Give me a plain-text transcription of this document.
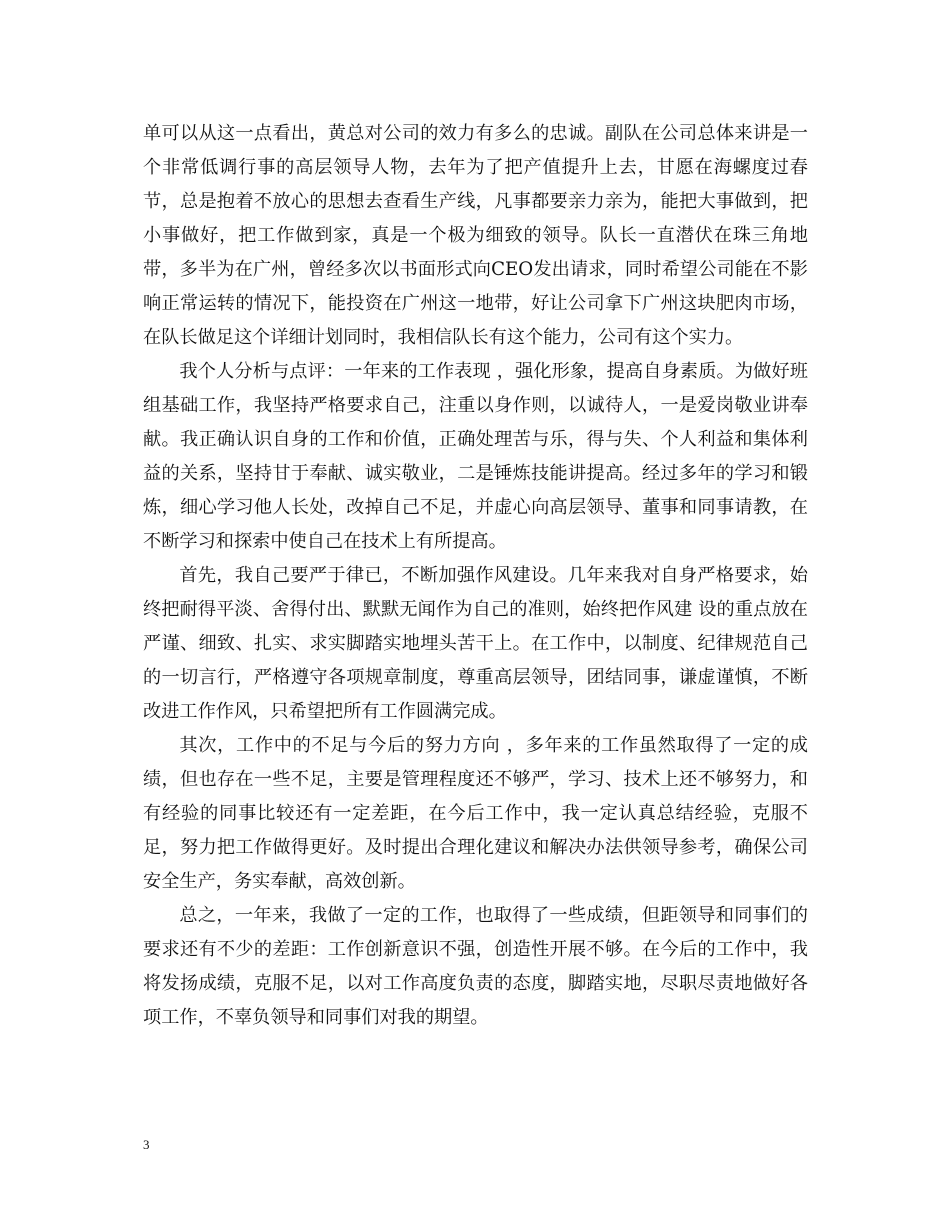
单可以从这一点看出，黄总对公司的效力有多么的忠诚。副队在公司总体来讲是一个非常低调行事的高层领导人物，去年为了把产值提升上去，甘愿在海螺度过春节，总是抱着不放心的思想去查看生产线，凡事都要亲力亲为，能把大事做到，把小事做好，把工作做到家，真是一个极为细致的领导。队长一直潜伏在珠三角地带，多半为在广州，曾经多次以书面形式向CEO发出请求，同时希望公司能在不影响正常运转的情况下，能投资在广州这一地带，好让公司拿下广州这块肥肉市场，在队长做足这个详细计划同时，我相信队长有这个能力，公司有这个实力。

我个人分析与点评：一年来的工作表现 ，强化形象，提高自身素质。为做好班组基础工作，我坚持严格要求自己，注重以身作则，以诚待人，一是爱岗敬业讲奉献。我正确认识自身的工作和价值，正确处理苦与乐，得与失、个人利益和集体利益的关系，坚持甘于奉献、诚实敬业，二是锤炼技能讲提高。经过多年的学习和锻炼，细心学习他人长处，改掉自己不足，并虚心向高层领导、董事和同事请教，在不断学习和探索中使自己在技术上有所提高。

首先，我自己要严于律已，不断加强作风建设。几年来我对自身严格要求，始终把耐得平淡、舍得付出、默默无闻作为自己的准则，始终把作风建 设的重点放在严谨、细致、扎实、求实脚踏实地埋头苦干上。在工作中，以制度、纪律规范自己的一切言行，严格遵守各项规章制度，尊重高层领导，团结同事，谦虚谨慎，不断改进工作作风，只希望把所有工作圆满完成。

其次，工作中的不足与今后的努力方向 ，多年来的工作虽然取得了一定的成绩，但也存在一些不足，主要是管理程度还不够严，学习、技术上还不够努力，和有经验的同事比较还有一定差距，在今后工作中，我一定认真总结经验，克服不足，努力把工作做得更好。及时提出合理化建议和解决办法供领导参考，确保公司安全生产，务实奉献，高效创新。

总之，一年来，我做了一定的工作，也取得了一些成绩，但距领导和同事们的要求还有不少的差距：工作创新意识不强，创造性开展不够。在今后的工作中，我将发扬成绩，克服不足，以对工作高度负责的态度，脚踏实地，尽职尽责地做好各项工作，不辜负领导和同事们对我的期望。

3
